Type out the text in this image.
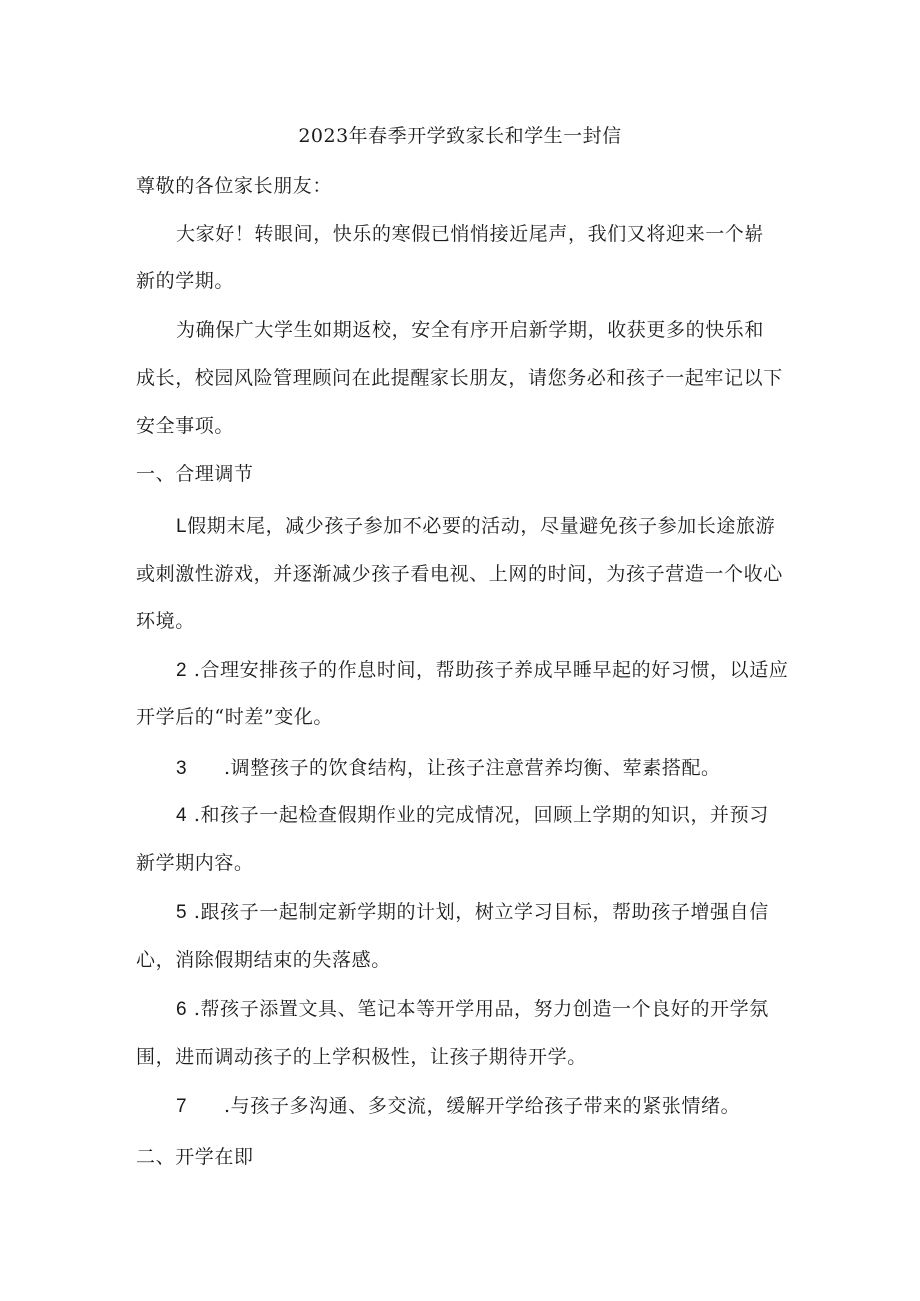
2023年春季开学致家长和学生一封信
尊敬的各位家长朋友：
大家好！转眼间，快乐的寒假已悄悄接近尾声，我们又将迎来一个崭
新的学期。
为确保广大学生如期返校，安全有序开启新学期，收获更多的快乐和
成长，校园风险管理顾问在此提醒家长朋友，请您务必和孩子一起牢记以下
安全事项。
一、合理调节
L假期末尾，减少孩子参加不必要的活动，尽量避免孩子参加长途旅游
或刺激性游戏，并逐渐减少孩子看电视、上网的时间，为孩子营造一个收心
环境。
2 .合理安排孩子的作息时间，帮助孩子养成早睡早起的好习惯，以适应
开学后的“时差”变化。
3 .调整孩子的饮食结构，让孩子注意营养均衡、荤素搭配。
4 .和孩子一起检查假期作业的完成情况，回顾上学期的知识，并预习
新学期内容。
5 .跟孩子一起制定新学期的计划，树立学习目标，帮助孩子增强自信
心，消除假期结束的失落感。
6 .帮孩子添置文具、笔记本等开学用品，努力创造一个良好的开学氛
围，进而调动孩子的上学积极性，让孩子期待开学。
7 .与孩子多沟通、多交流，缓解开学给孩子带来的紧张情绪。
二、开学在即
